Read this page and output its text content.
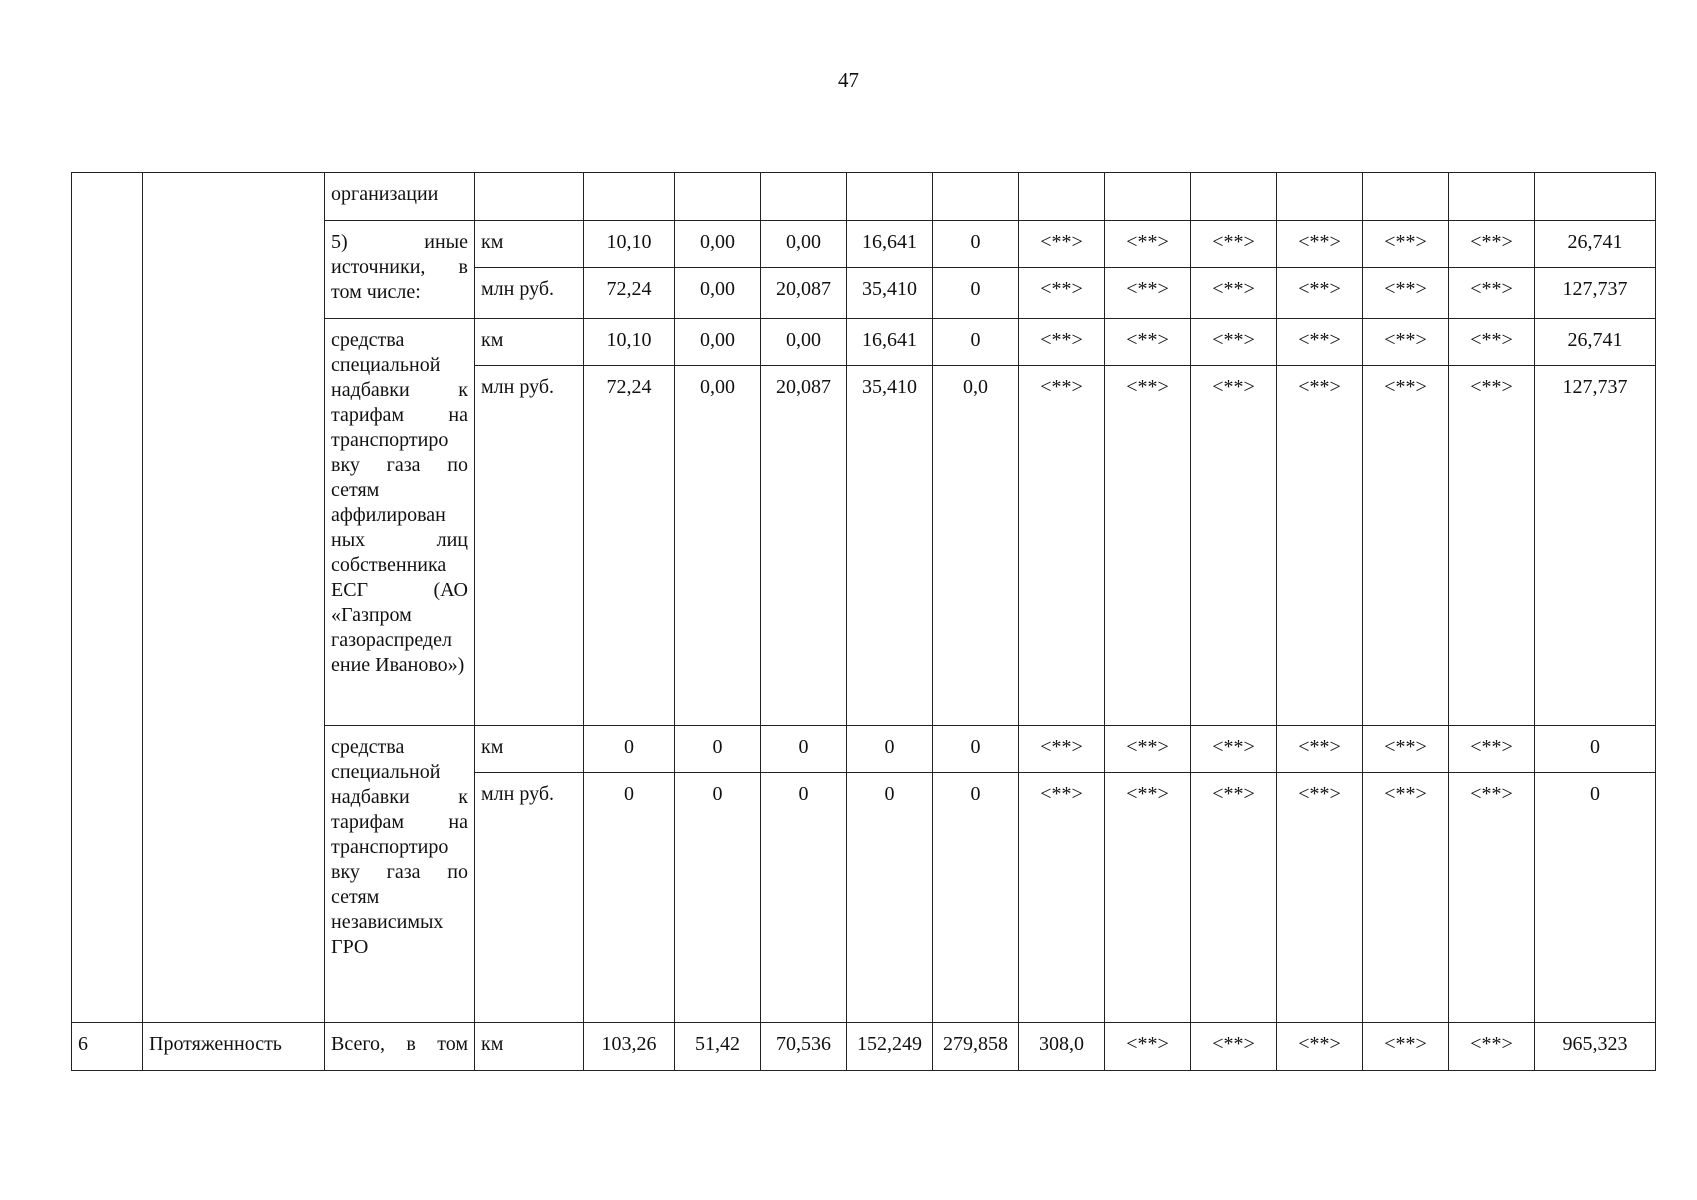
47
		организации													
		5) иные источники, в том числе:	км	10,10	0,00	0,00	16,641	0	<**>	<**>	<**>	<**>	<**>	<**>	26,741
			млн руб.	72,24	0,00	20,087	35,410	0	<**>	<**>	<**>	<**>	<**>	<**>	127,737
		средства специальной надбавки к тарифам на транспортиро вку газа по сетям аффилирован ных лиц собственника ЕСГ (АО «Газпром газораспредел ение Иваново»)	км	10,10	0,00	0,00	16,641	0	<**>	<**>	<**>	<**>	<**>	<**>	26,741
			млн руб.	72,24	0,00	20,087	35,410	0,0	<**>	<**>	<**>	<**>	<**>	<**>	127,737
		средства специальной надбавки к тарифам на транспортиро вку газа по сетям независимых ГРО	км	0	0	0	0	0	<**>	<**>	<**>	<**>	<**>	<**>	0
			млн руб.	0	0	0	0	0	<**>	<**>	<**>	<**>	<**>	<**>	0

6	Протяженность	Всего, в том	км	103,26	51,42	70,536	152,249	279,858	308,0	<**>	<**>	<**>	<**>	<**>	965,323
